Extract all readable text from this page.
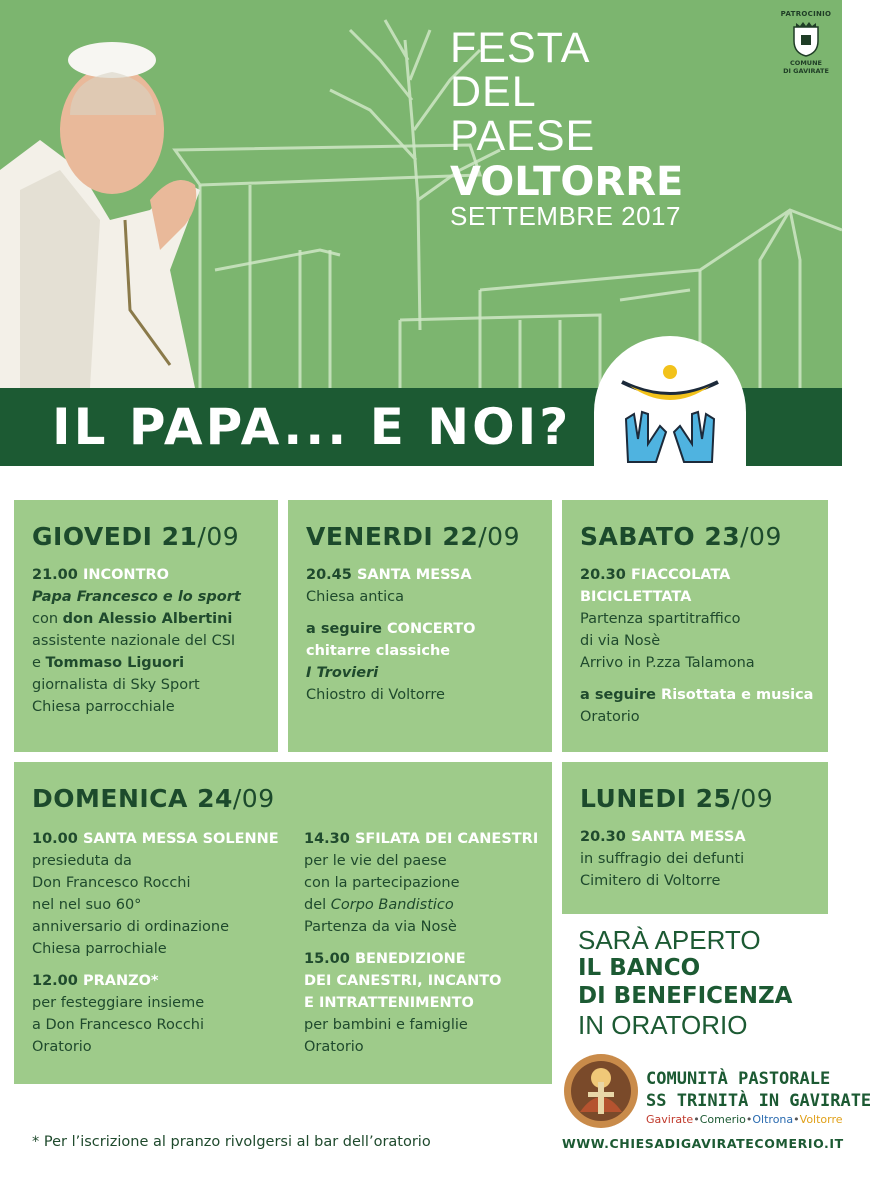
FESTA
DEL
PAESE
VOLTORRE
SETTEMBRE 2017
PATROCINIO
COMUNE
DI GAVIRATE
IL PAPA... E NOI?
GIOVEDI 21/09
21.00 INCONTRO
Papa Francesco e lo sport
con don Alessio Albertini
assistente nazionale del CSI
e Tommaso Liguori
giornalista di Sky Sport
Chiesa parrocchiale
VENERDI 22/09
20.45 SANTA MESSA
Chiesa antica
a seguire CONCERTO
chitarre classiche
I Trovieri
Chiostro di Voltorre
SABATO 23/09
20.30 FIACCOLATA
BICICLETTATA
Partenza spartitraffico
di via Nosè
Arrivo in P.zza Talamona
a seguire Risottata e musica
Oratorio
DOMENICA 24/09
10.00 SANTA MESSA SOLENNE
presieduta da
Don Francesco Rocchi
nel nel suo 60°
anniversario di ordinazione
Chiesa parrochiale
12.00 PRANZO*
per festeggiare insieme
a Don Francesco Rocchi
Oratorio
14.30 SFILATA DEI CANESTRI
per le vie del paese
con la partecipazione
del Corpo Bandistico
Partenza da via Nosè
15.00 BENEDIZIONE
DEI CANESTRI, INCANTO
E INTRATTENIMENTO
per bambini e famiglie
Oratorio
LUNEDI 25/09
20.30 SANTA MESSA
in suffragio dei defunti
Cimitero di Voltorre
SARÀ APERTO
IL BANCO
DI BENEFICENZA
IN ORATORIO
COMUNITÀ PASTORALE
SS TRINITÀ IN GAVIRATE
Gavirate•Comerio•Oltrona•Voltorre
* Per l’iscrizione al pranzo rivolgersi al bar dell’oratorio	WWW.CHIESADIGAVIRATECOMERIO.IT
